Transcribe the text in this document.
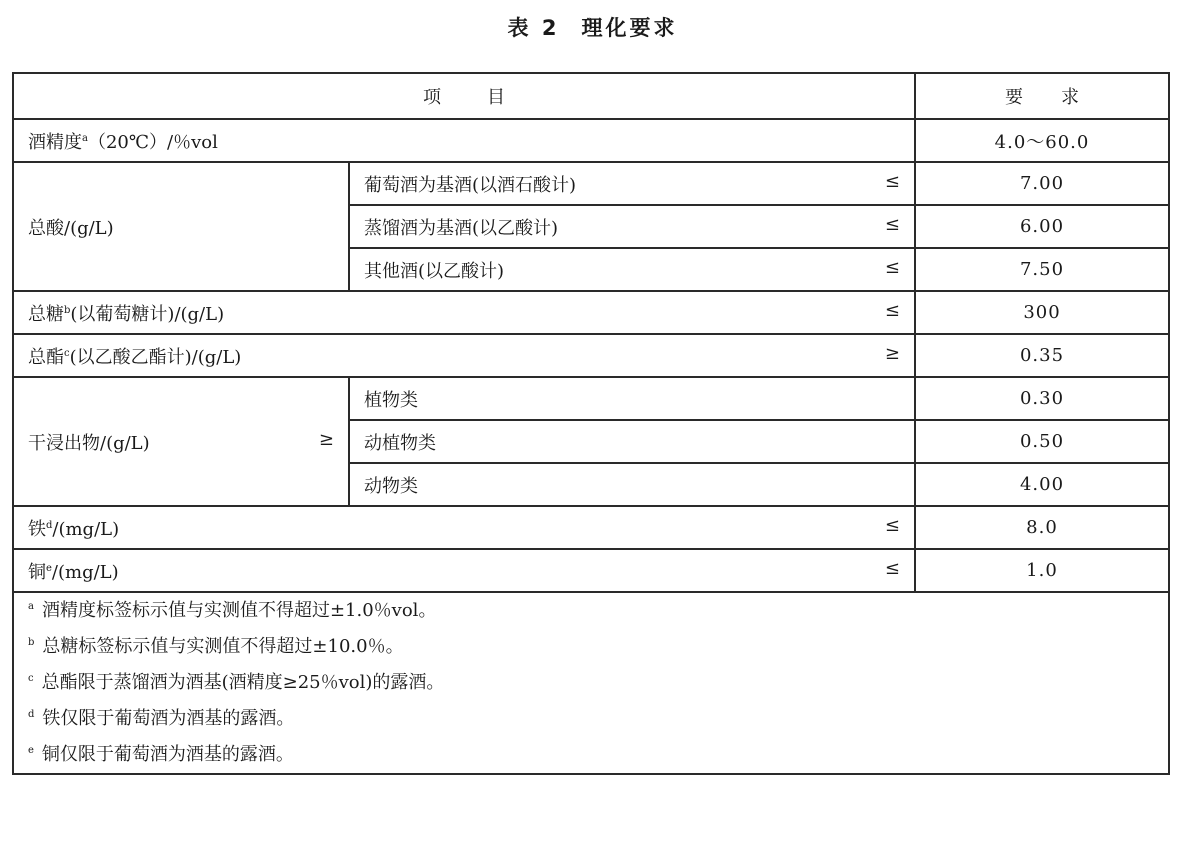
表 2 理化要求
项 目		要 求
酒精度$^a$（20℃）/％vol		4.0～60.0
总酸/(g/L)	葡萄酒为基酒(以酒石酸计) ≤	7.00
	蒸馏酒为基酒(以乙酸计) ≤	6.00
	其他酒(以乙酸计) ≤	7.50
总糖$^b$(以葡萄糖计)/(g/L) ≤		300
总酯$^c$(以乙酸乙酯计)/(g/L) ≥		0.35
干浸出物/(g/L) ≥	植物类	0.30
	动植物类	0.50
	动物类	4.00
铁$^d$/(mg/L) ≤		8.0
铜$^e$/(mg/L) ≤		1.0

$^a$ 酒精度标签标示值与实测值不得超过±1.0％vol。
$^b$ 总糖标签标示值与实测值不得超过±10.0％。
$^c$ 总酯限于蒸馏酒为酒基(酒精度≥25％vol)的露酒。
$^d$ 铁仅限于葡萄酒为酒基的露酒。
$^e$ 铜仅限于葡萄酒为酒基的露酒。		
